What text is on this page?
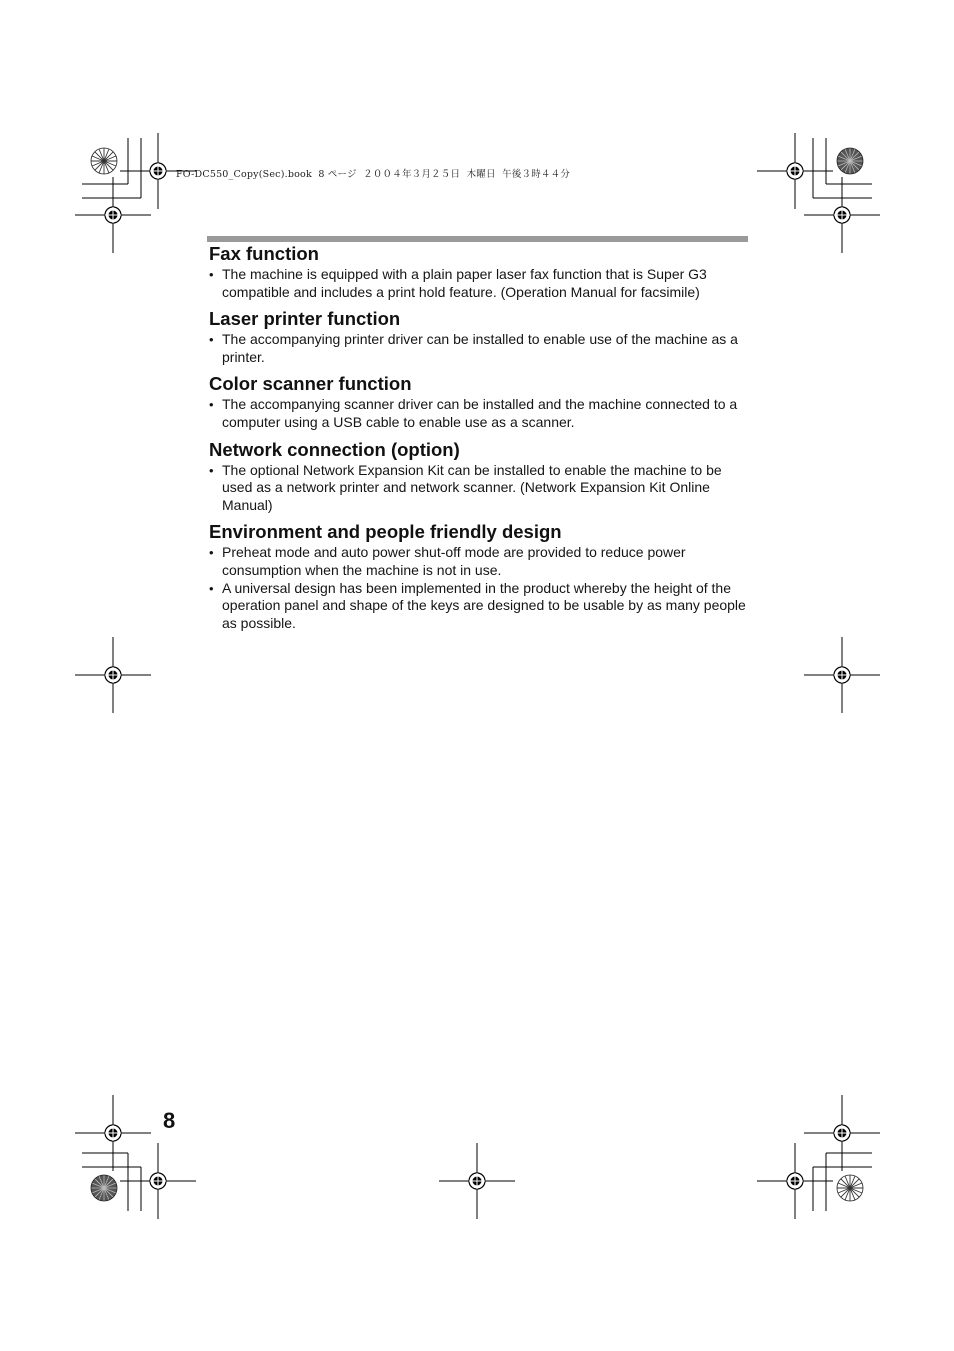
FO-DC550_Copy(Sec).book  8 ページ  ２００４年３月２５日  木曜日  午後３時４４分
Fax function
• The machine is equipped with a plain paper laser fax function that is Super G3 compatible and includes a print hold feature. (Operation Manual for facsimile)
Laser printer function
• The accompanying printer driver can be installed to enable use of the machine as a printer.
Color scanner function
• The accompanying scanner driver can be installed and the machine connected to a computer using a USB cable to enable use as a scanner.
Network connection (option)
• The optional Network Expansion Kit can be installed to enable the machine to be used as a network printer and network scanner. (Network Expansion Kit Online Manual)
Environment and people friendly design
• Preheat mode and auto power shut-off mode are provided to reduce power consumption when the machine is not in use.
• A universal design has been implemented in the product whereby the height of the operation panel and shape of the keys are designed to be usable by as many people as possible.
8
